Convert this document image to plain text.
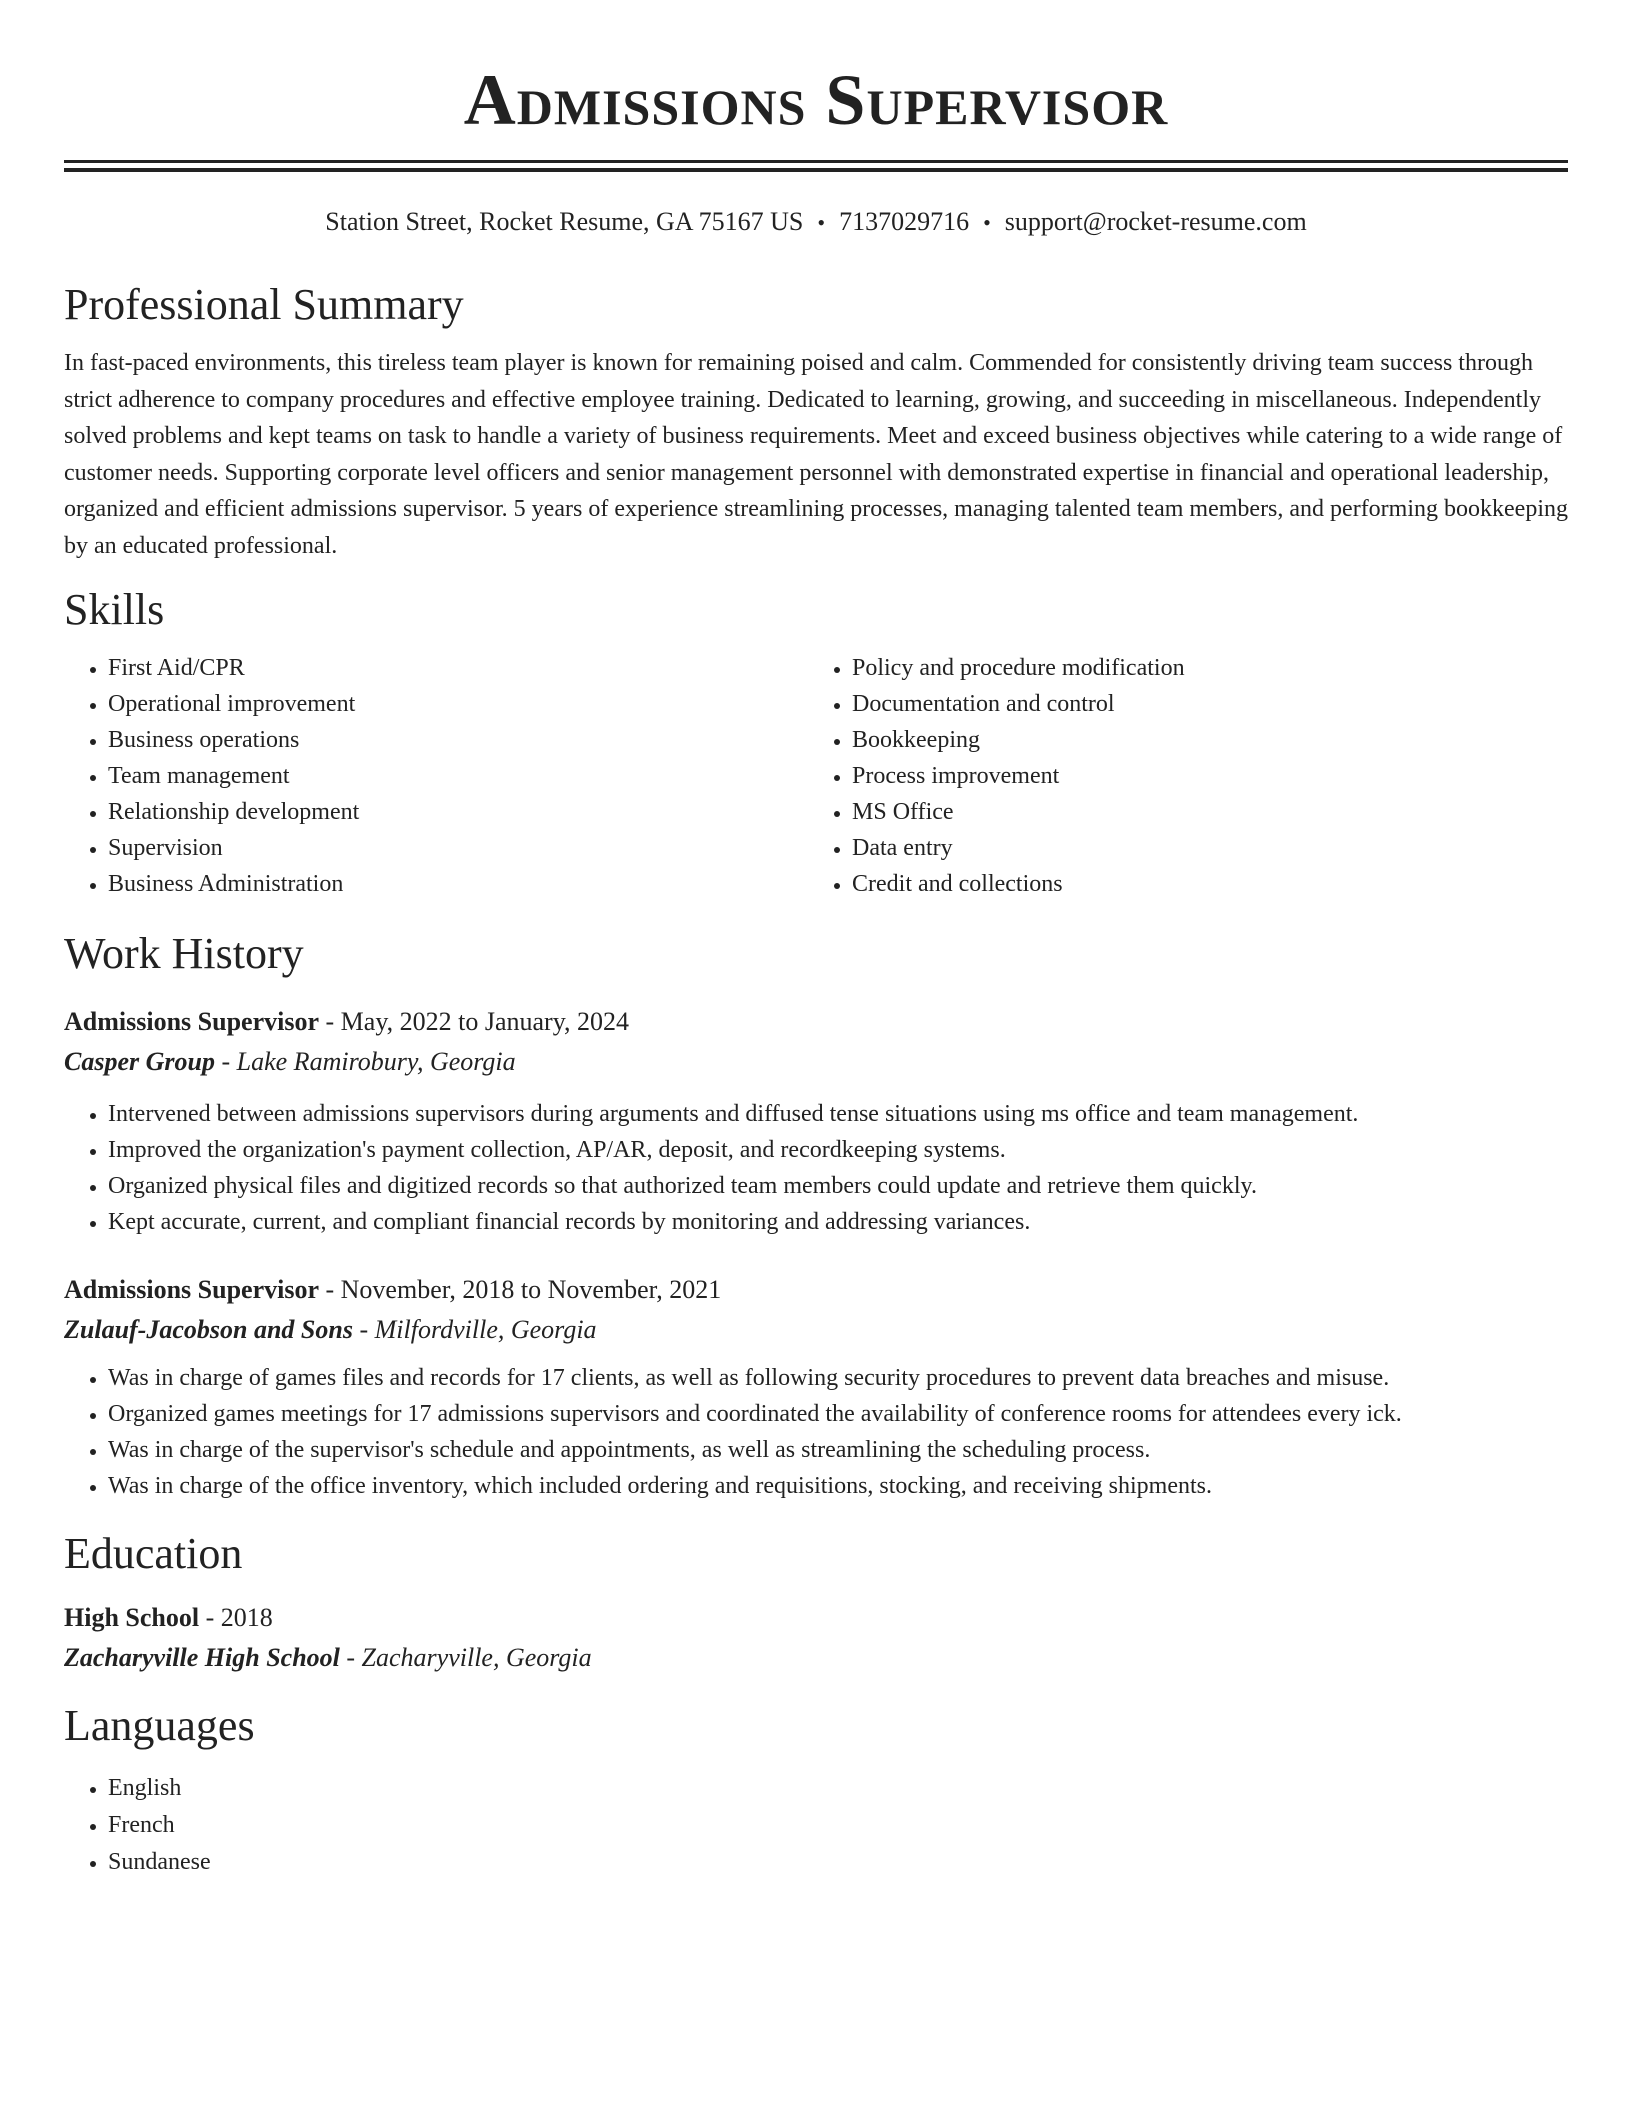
Admissions Supervisor
Station Street, Rocket Resume, GA 75167 US • 7137029716 • support@rocket-resume.com
Professional Summary

In fast-paced environments, this tireless team player is known for remaining poised and calm. Commended for consistently driving team success through strict adherence to company procedures and effective employee training. Dedicated to learning, growing, and succeeding in miscellaneous. Independently solved problems and kept teams on task to handle a variety of business requirements. Meet and exceed business objectives while catering to a wide range of customer needs. Supporting corporate level officers and senior management personnel with demonstrated expertise in financial and operational leadership, organized and efficient admissions supervisor. 5 years of experience streamlining processes, managing talented team members, and performing bookkeeping by an educated professional.

Skills
• First Aid/CPR
• Operational improvement
• Business operations
• Team management
• Relationship development
• Supervision
• Business Administration
• Policy and procedure modification
• Documentation and control
• Bookkeeping
• Process improvement
• MS Office
• Data entry
• Credit and collections
Work History
Admissions Supervisor - May, 2022 to January, 2024
Casper Group - Lake Ramirobury, Georgia
• Intervened between admissions supervisors during arguments and diffused tense situations using ms office and team management.
• Improved the organization's payment collection, AP/AR, deposit, and recordkeeping systems.
• Organized physical files and digitized records so that authorized team members could update and retrieve them quickly.
• Kept accurate, current, and compliant financial records by monitoring and addressing variances.
Admissions Supervisor - November, 2018 to November, 2021
Zulauf-Jacobson and Sons - Milfordville, Georgia
• Was in charge of games files and records for 17 clients, as well as following security procedures to prevent data breaches and misuse.
• Organized games meetings for 17 admissions supervisors and coordinated the availability of conference rooms for attendees every ick.
• Was in charge of the supervisor's schedule and appointments, as well as streamlining the scheduling process.
• Was in charge of the office inventory, which included ordering and requisitions, stocking, and receiving shipments.
Education
High School - 2018
Zacharyville High School - Zacharyville, Georgia
Languages
• English
• French
• Sundanese
